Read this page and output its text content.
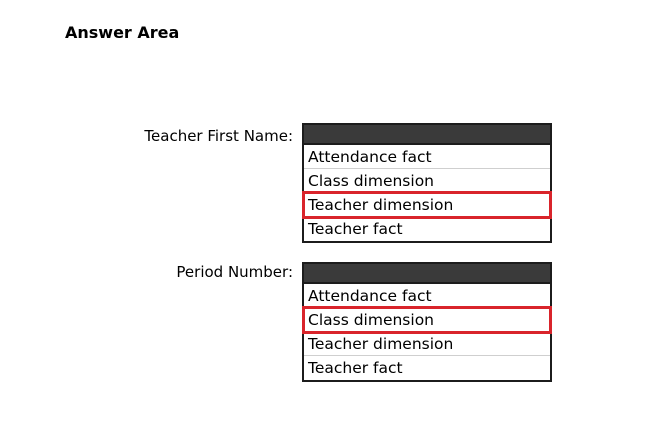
Answer Area
Teacher First Name:
Attendance fact
Class dimension
Teacher dimension
Teacher fact
Period Number:
Attendance fact
Class dimension
Teacher dimension
Teacher fact
